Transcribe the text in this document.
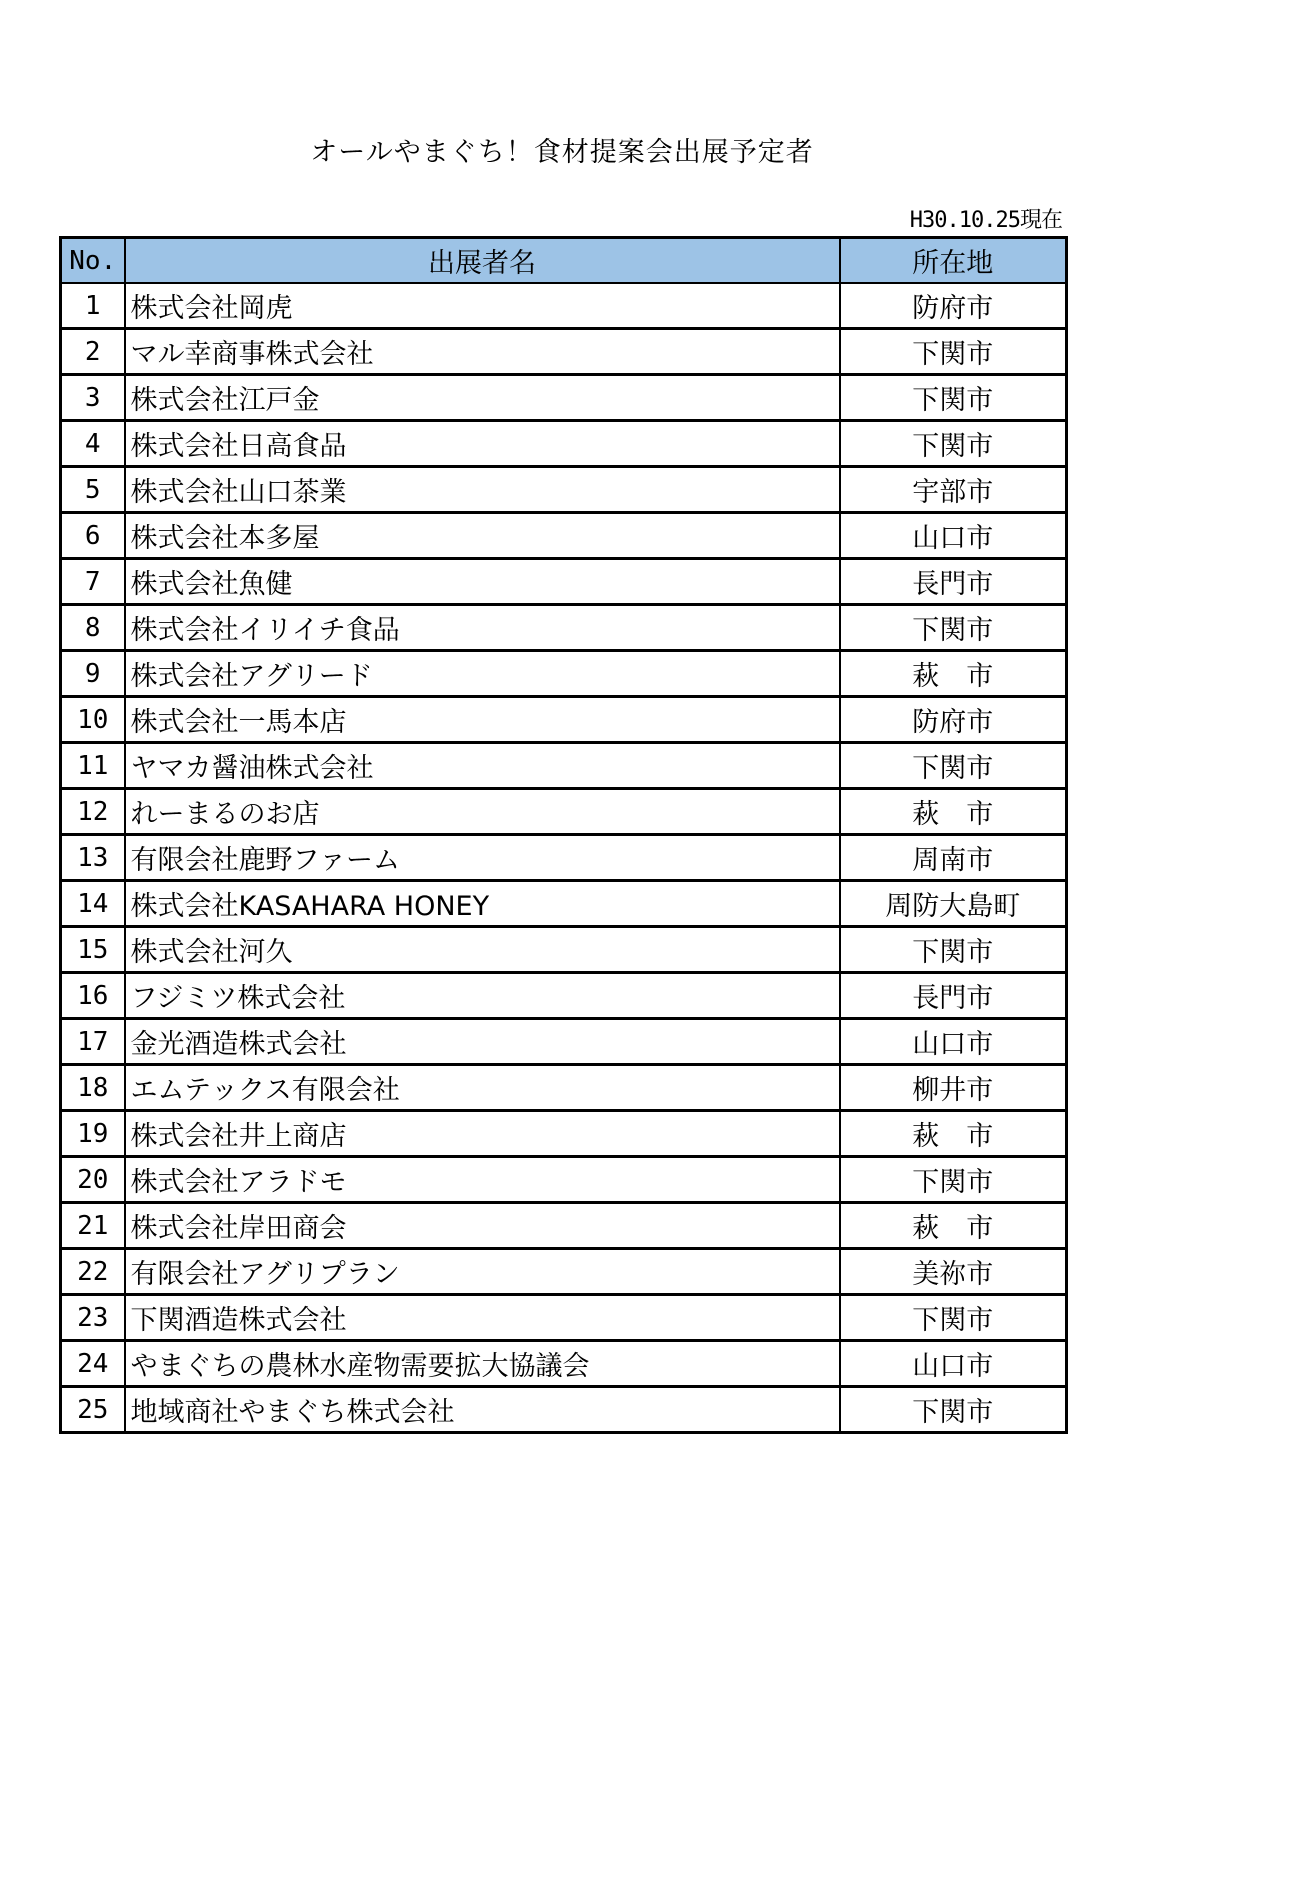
オールやまぐち！食材提案会出展予定者
H30.10.25現在
No.	出展者名	所在地
1	株式会社岡虎	防府市
2	マル幸商事株式会社	下関市
3	株式会社江戸金	下関市
4	株式会社日高食品	下関市
5	株式会社山口茶業	宇部市
6	株式会社本多屋	山口市
7	株式会社魚健	長門市
8	株式会社イリイチ食品	下関市
9	株式会社アグリード	萩　市
10	株式会社一馬本店	防府市
11	ヤマカ醤油株式会社	下関市
12	れーまるのお店	萩　市
13	有限会社鹿野ファーム	周南市
14	株式会社KASAHARA HONEY	周防大島町
15	株式会社河久	下関市
16	フジミツ株式会社	長門市
17	金光酒造株式会社	山口市
18	エムテックス有限会社	柳井市
19	株式会社井上商店	萩　市
20	株式会社アラドモ	下関市
21	株式会社岸田商会	萩　市
22	有限会社アグリプラン	美祢市
23	下関酒造株式会社	下関市
24	やまぐちの農林水産物需要拡大協議会	山口市
25	地域商社やまぐち株式会社	下関市
